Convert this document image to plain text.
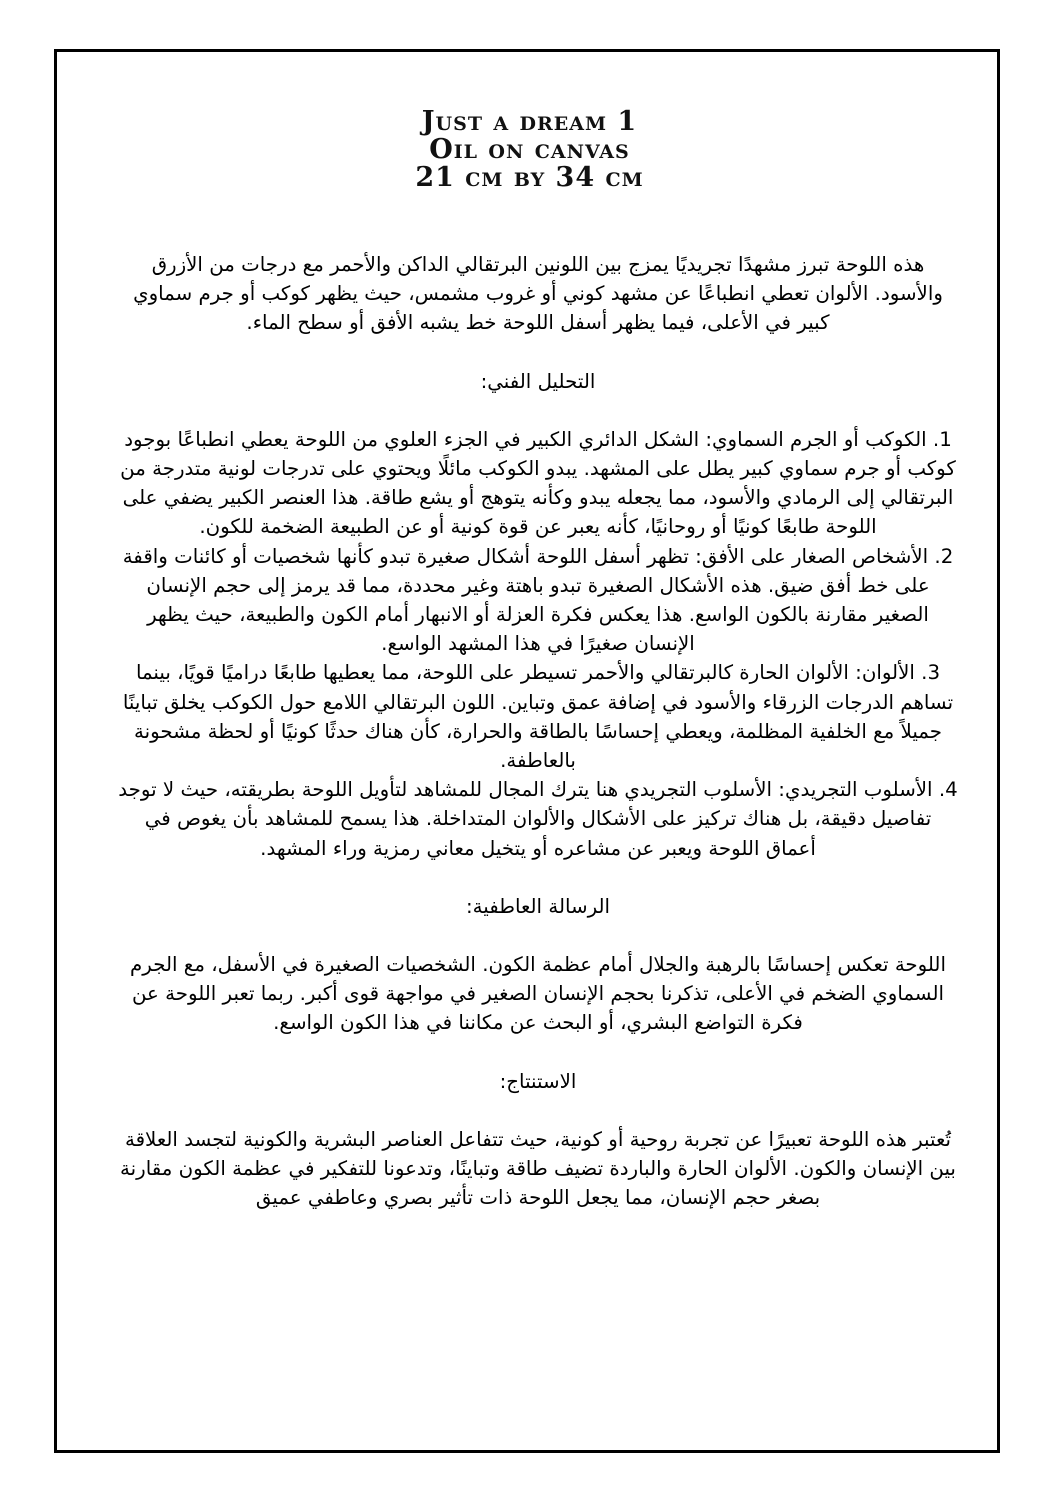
Just a dream 1
Oil on canvas
21 cm by 34 cm

هذه اللوحة تبرز مشهدًا تجريديًا يمزج بين اللونين البرتقالي الداكن والأحمر مع درجات من الأزرق والأسود. الألوان تعطي انطباعًا عن مشهد كوني أو غروب مشمس، حيث يظهر كوكب أو جرم سماوي كبير في الأعلى، فيما يظهر أسفل اللوحة خط يشبه الأفق أو سطح الماء.

التحليل الفني:

1. الكوكب أو الجرم السماوي: الشكل الدائري الكبير في الجزء العلوي من اللوحة يعطي انطباعًا بوجود كوكب أو جرم سماوي كبير يطل على المشهد. يبدو الكوكب مائلًا ويحتوي على تدرجات لونية متدرجة من البرتقالي إلى الرمادي والأسود، مما يجعله يبدو وكأنه يتوهج أو يشع طاقة. هذا العنصر الكبير يضفي على اللوحة طابعًا كونيًا أو روحانيًا، كأنه يعبر عن قوة كونية أو عن الطبيعة الضخمة للكون.

2. الأشخاص الصغار على الأفق: تظهر أسفل اللوحة أشكال صغيرة تبدو كأنها شخصيات أو كائنات واقفة على خط أفق ضيق. هذه الأشكال الصغيرة تبدو باهتة وغير محددة، مما قد يرمز إلى حجم الإنسان الصغير مقارنة بالكون الواسع. هذا يعكس فكرة العزلة أو الانبهار أمام الكون والطبيعة، حيث يظهر الإنسان صغيرًا في هذا المشهد الواسع.

3. الألوان: الألوان الحارة كالبرتقالي والأحمر تسيطر على اللوحة، مما يعطيها طابعًا دراميًا قويًا، بينما تساهم الدرجات الزرقاء والأسود في إضافة عمق وتباين. اللون البرتقالي اللامع حول الكوكب يخلق تباينًا جميلاً مع الخلفية المظلمة، ويعطي إحساسًا بالطاقة والحرارة، كأن هناك حدثًا كونيًا أو لحظة مشحونة بالعاطفة.

4. الأسلوب التجريدي: الأسلوب التجريدي هنا يترك المجال للمشاهد لتأويل اللوحة بطريقته، حيث لا توجد تفاصيل دقيقة، بل هناك تركيز على الأشكال والألوان المتداخلة. هذا يسمح للمشاهد بأن يغوص في أعماق اللوحة ويعبر عن مشاعره أو يتخيل معاني رمزية وراء المشهد.

الرسالة العاطفية:

اللوحة تعكس إحساسًا بالرهبة والجلال أمام عظمة الكون. الشخصيات الصغيرة في الأسفل، مع الجرم السماوي الضخم في الأعلى، تذكرنا بحجم الإنسان الصغير في مواجهة قوى أكبر. ربما تعبر اللوحة عن فكرة التواضع البشري، أو البحث عن مكاننا في هذا الكون الواسع.

الاستنتاج:

تُعتبر هذه اللوحة تعبيرًا عن تجربة روحية أو كونية، حيث تتفاعل العناصر البشرية والكونية لتجسد العلاقة بين الإنسان والكون. الألوان الحارة والباردة تضيف طاقة وتباينًا، وتدعونا للتفكير في عظمة الكون مقارنة بصغر حجم الإنسان، مما يجعل اللوحة ذات تأثير بصري وعاطفي عميق
